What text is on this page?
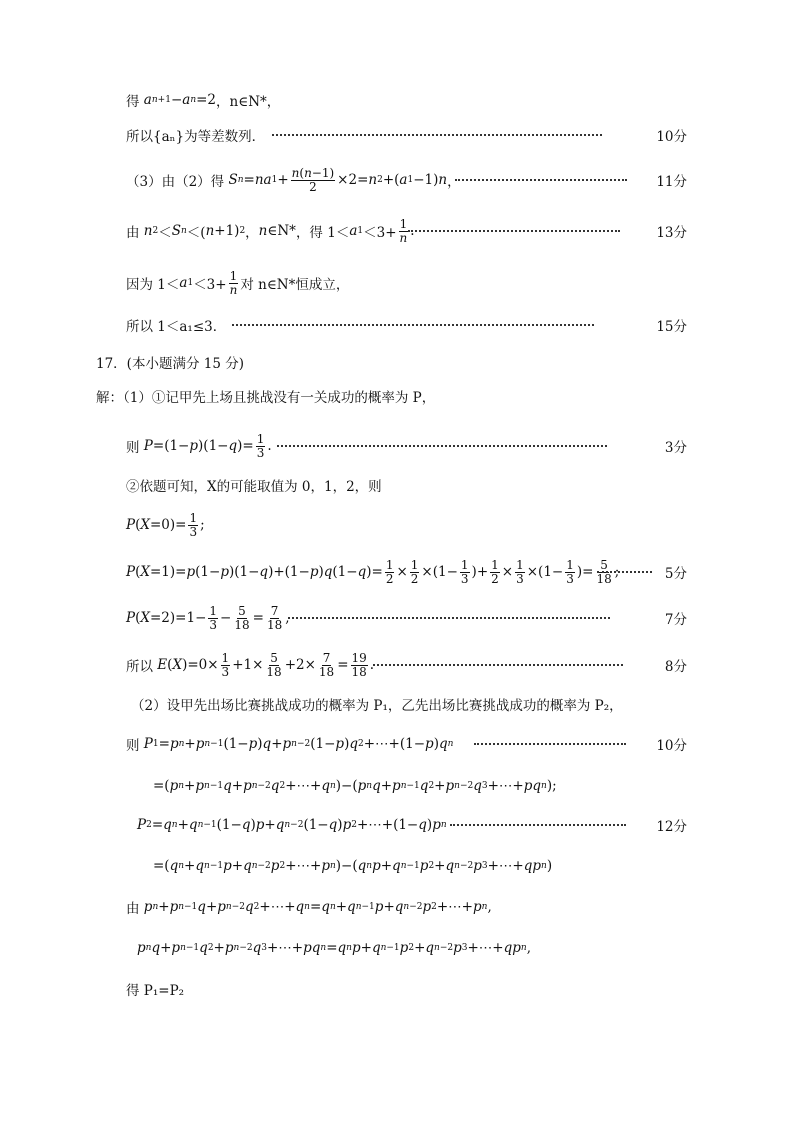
得
a n+1 − a n =2 ，n∈N*，
所以{aₙ}为等差数列．	10分
（3）由（2）得
S n = na $1 + \frac{n(n-1)}{2} \times 2= n$ 2 +( a 1 −1) n ，	11分
由
n 2 ＜ S n ＜( n +1) 2 ， n ∈N* ，得 1＜ a $1 <3+ \frac{1}{n}$ .	13分
因为 1＜ a $1 <3+ \frac{1}{n}$ 对 n∈N*恒成立，
所以 1＜a₁≤3．	15分
17．(本小题满分 15 分)
解：（1）①记甲先上场且挑战没有一关成功的概率为 P，
则
P =(1− p )(1− q )= $\frac{1}{3}$ .	3分
②依题可知，X的可能取值为 0，1，2，则
P ( $X =0)= \frac{1}{3}$ ;
P ( X =1)= p (1− p )(1− q )+(1− p ) q (1− q )= $\frac{1}{2} \times \frac{1}{2} \times(1- \frac{1}{3}$ )+ $\frac{1}{2} \times \frac{1}{3} \times(1- \frac{1}{3}$ )= $\frac{5}{18}$ ;	5分
P ( $X =2)=1- \frac{1}{3} - \frac{5}{18} = \frac{7}{18}$ ,	7分
所以 E ( X )$=0\times \frac{1}{3} +1\times \frac{5}{18} +2\times \frac{7}{18} = \frac{19}{18}$ .	8分
（2）设甲先出场比赛挑战成功的概率为 P₁，乙先出场比赛挑战成功的概率为 P₂，
则
P 1 = p n + p n−1 (1− p ) q + p n−2 (1− p ) q 2 +⋯+(1− p ) q n	10分
=( p n + p n−1 q + p n−2 q 2 +⋯+ q n )−( p n q + p n−1 q 2 + p n−2 q 3 +⋯+ pq n );
P 2 = q n + q n−1 (1− q ) p + q n−2 (1− q ) p 2 +⋯+(1− q ) p n	12分
=( q n + q n−1 p + q n−2 p 2 +⋯+ p n )−( q n p + q n−1 p 2 + q n−2 p 3 +⋯+ qp n )
由
p n + p n−1 q + p n−2 q 2 +⋯+ q n = q n + q n−1 p + q n−2 p 2 +⋯+ p n ,
p n q + p n−1 q 2 + p n−2 q 3 +⋯+ pq n = q n p + q n−1 p 2 + q n−2 p 3 +⋯+ qp n ,
得 P₁=P₂
